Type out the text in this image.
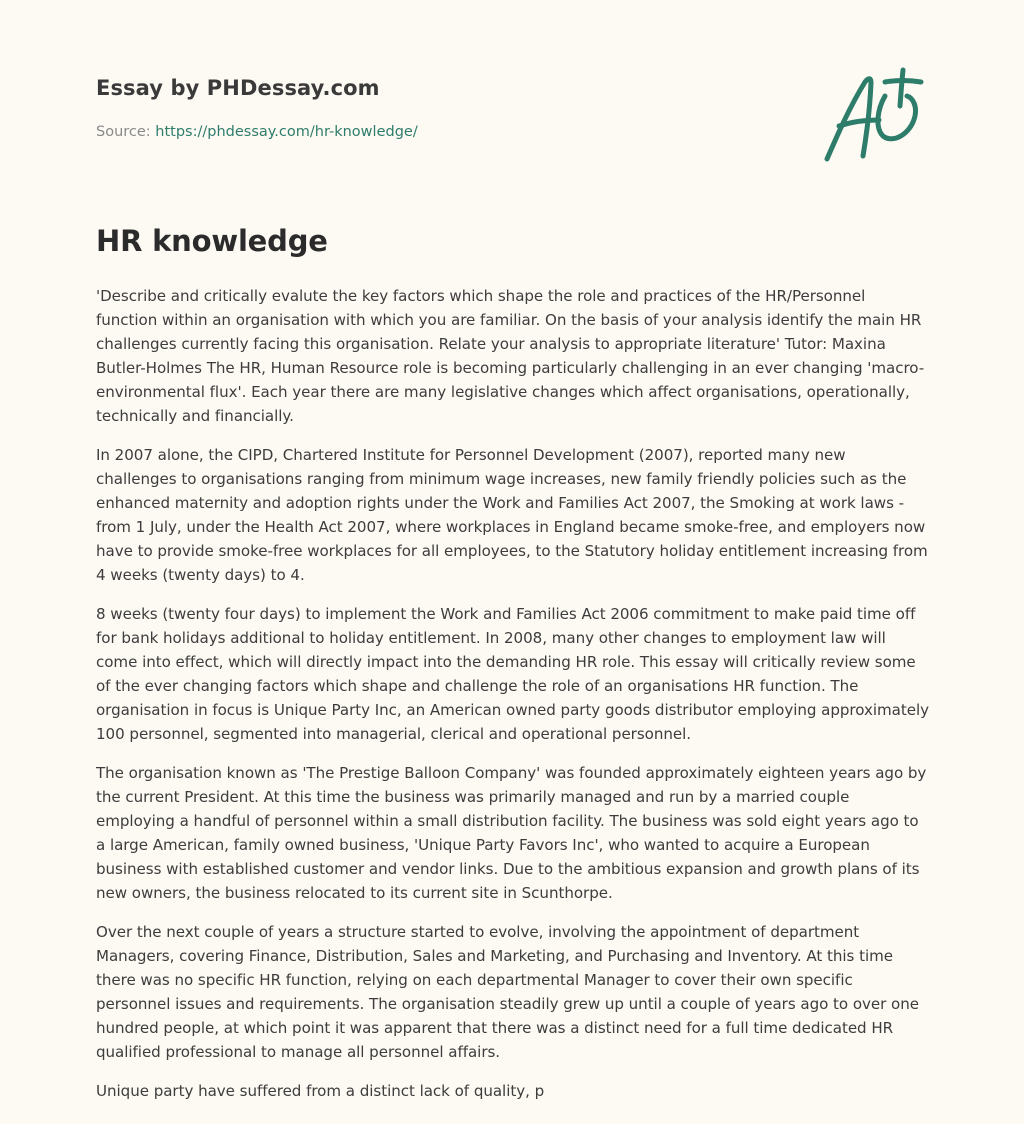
Essay by PHDessay.com
Source: https://phdessay.com/hr-knowledge/
HR knowledge

'Describe and critically evalute the key factors which shape the role and practices of the HR/Personnel function within an organisation with which you are familiar. On the basis of your analysis identify the main HR challenges currently facing this organisation. Relate your analysis to appropriate literature' Tutor: Maxina Butler-Holmes The HR, Human Resource role is becoming particularly challenging in an ever changing 'macro-environmental flux'. Each year there are many legislative changes which affect organisations, operationally, technically and financially.

In 2007 alone, the CIPD, Chartered Institute for Personnel Development (2007), reported many new challenges to organisations ranging from minimum wage increases, new family friendly policies such as the enhanced maternity and adoption rights under the Work and Families Act 2007, the Smoking at work laws - from 1 July, under the Health Act 2007, where workplaces in England became smoke-free, and employers now have to provide smoke-free workplaces for all employees, to the Statutory holiday entitlement increasing from 4 weeks (twenty days) to 4.

8 weeks (twenty four days) to implement the Work and Families Act 2006 commitment to make paid time off for bank holidays additional to holiday entitlement. In 2008, many other changes to employment law will come into effect, which will directly impact into the demanding HR role. This essay will critically review some of the ever changing factors which shape and challenge the role of an organisations HR function. The organisation in focus is Unique Party Inc, an American owned party goods distributor employing approximately 100 personnel, segmented into managerial, clerical and operational personnel.

The organisation known as 'The Prestige Balloon Company' was founded approximately eighteen years ago by the current President. At this time the business was primarily managed and run by a married couple employing a handful of personnel within a small distribution facility. The business was sold eight years ago to a large American, family owned business, 'Unique Party Favors Inc', who wanted to acquire a European business with established customer and vendor links. Due to the ambitious expansion and growth plans of its new owners, the business relocated to its current site in Scunthorpe.

Over the next couple of years a structure started to evolve, involving the appointment of department Managers, covering Finance, Distribution, Sales and Marketing, and Purchasing and Inventory. At this time there was no specific HR function, relying on each departmental Manager to cover their own specific personnel issues and requirements. The organisation steadily grew up until a couple of years ago to over one hundred people, at which point it was apparent that there was a distinct need for a full time dedicated HR qualified professional to manage all personnel affairs.

Unique party have suffered from a distinct lack of quality, p
